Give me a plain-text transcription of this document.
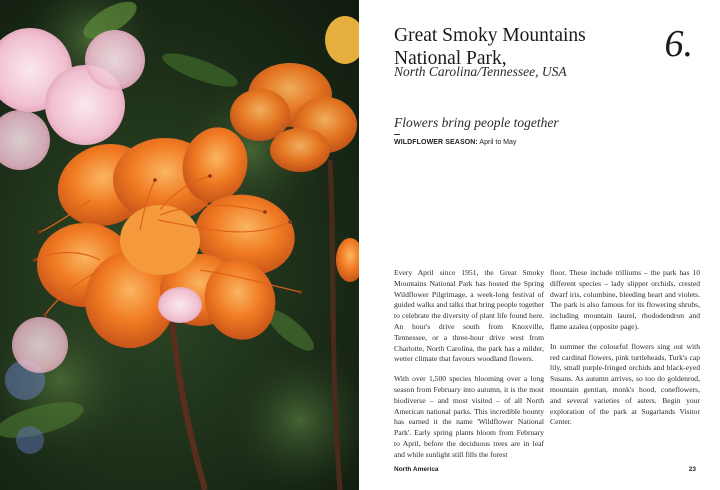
Great Smoky Mountains National Park,
North Carolina/Tennessee, USA
6.
Flowers bring people together
WILDFLOWER SEASON: April to May

Every April since 1951, the Great Smoky Mountains National Park has hosted the Spring Wildflower Pilgrimage, a week-long festival of guided walks and talks that bring people together to celebrate the diversity of plant life found here. An hour's drive south from Knoxville, Tennessee, or a three-hour drive west from Charlotte, North Carolina, the park has a milder, wetter climate that favours woodland flowers.

With over 1,500 species blooming over a long season from February into autumn, it is the most biodiverse – and most visited – of all North American national parks. This incredible bounty has earned it the name 'Wildflower National Park'. Early spring plants bloom from February to April, before the deciduous trees are in leaf and while sunlight still fills the forest

floor. These include trilliums – the park has 10 different species – lady slipper orchids, crested dwarf iris, columbine, bleeding heart and violets. The park is also famous for its flowering shrubs, including mountain laurel, rhododendron and flame azalea (opposite page).

In summer the colourful flowers sing out with red cardinal flowers, pink turtleheads, Turk's cap lily, small purple-fringed orchids and black-eyed Susans. As autumn arrives, so too do goldenrod, mountain gentian, monk's hood, coneflowers, and several varieties of asters. Begin your exploration of the park at Sugarlands Visitor Center.

North America	23
